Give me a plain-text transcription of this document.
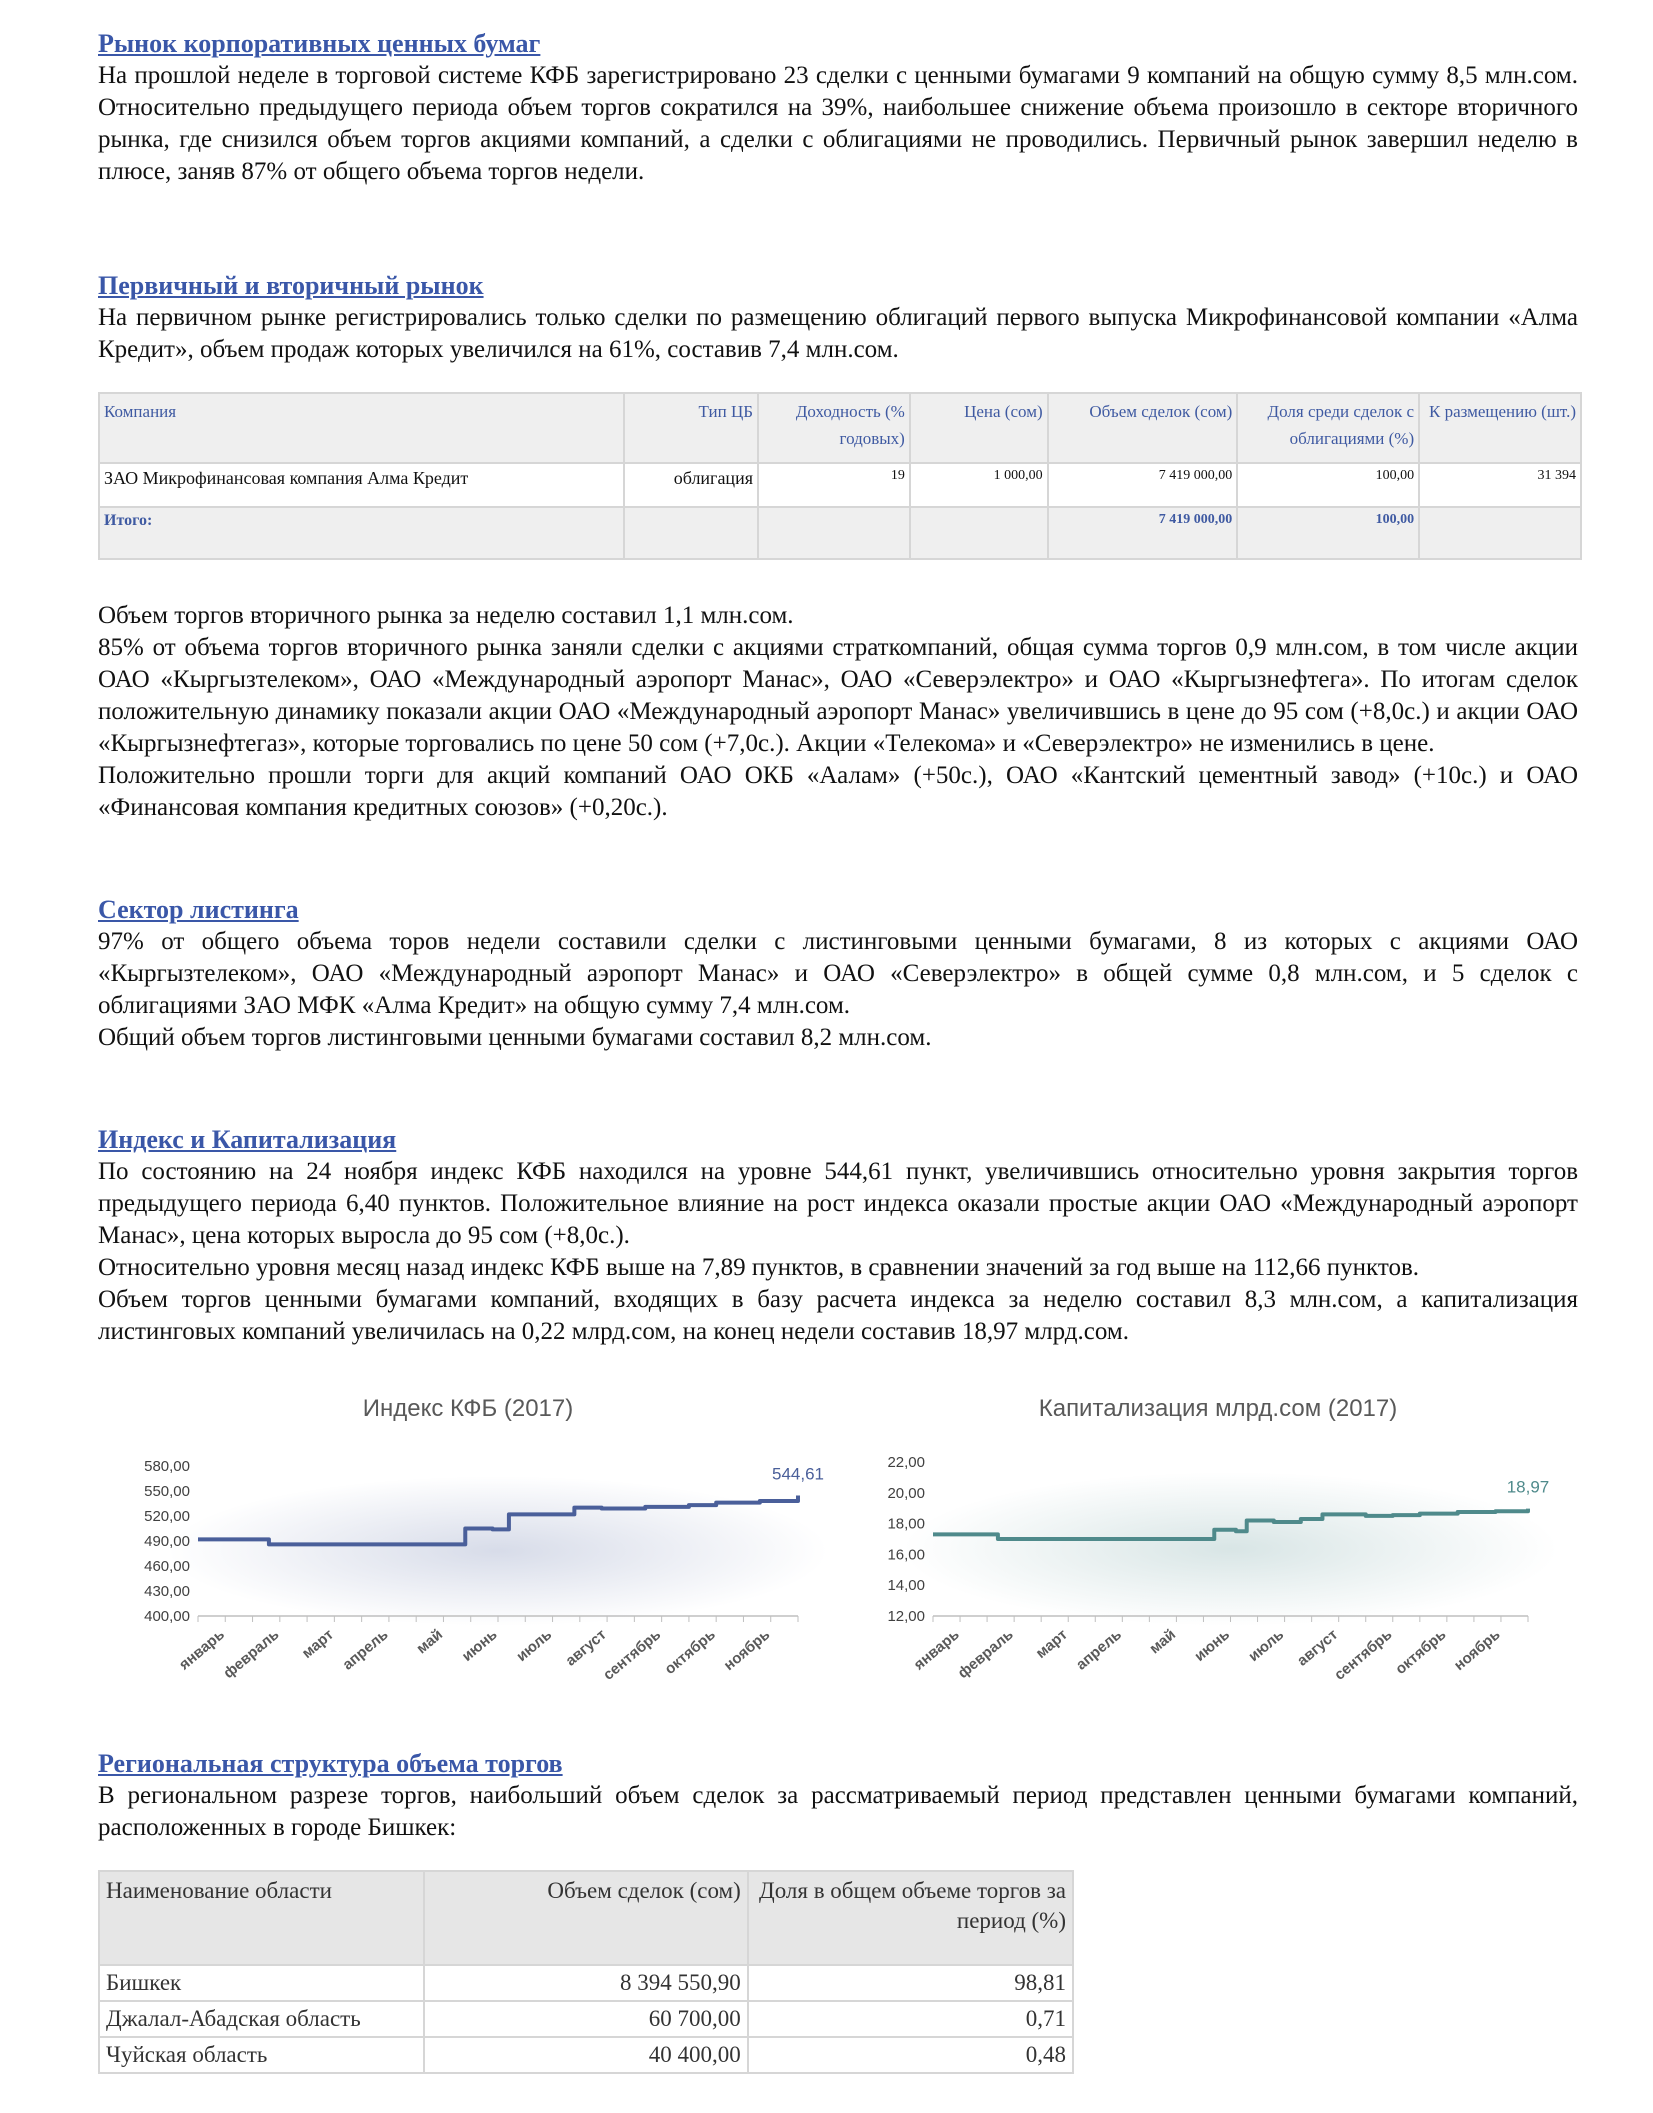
Рынок корпоративных ценных бумаг

На прошлой неделе в торговой системе КФБ зарегистрировано 23 сделки с ценными бумагами 9 компаний на общую сумму 8,5 млн.сом. Относительно предыдущего периода объем торгов сократился на 39%, наибольшее снижение объема произошло в секторе вторичного рынка, где снизился объем торгов акциями компаний, а сделки с облигациями не проводились. Первичный рынок завершил неделю в плюсе, заняв 87% от общего объема торгов недели.

Первичный и вторичный рынок

На первичном рынке регистрировались только сделки по размещению облигаций первого выпуска Микрофинансовой компании «Алма Кредит», объем продаж которых увеличился на 61%, составив 7,4 млн.сом.

Компания	Тип ЦБ	Доходность (% годовых)	Цена (сом)	Объем сделок (сом)	Доля среди сделок с облигациями (%)	К размещению (шт.)
ЗАО Микрофинансовая компания Алма Кредит	облигация	19	1 000,00	7 419 000,00	100,00	31 394
Итого:				7 419 000,00	100,00	

Объем торгов вторичного рынка за неделю составил 1,1 млн.сом.

85% от объема торгов вторичного рынка заняли сделки с акциями страткомпаний, общая сумма торгов 0,9 млн.сом, в том числе акции ОАО «Кыргызтелеком», ОАО «Международный аэропорт Манас», ОАО «Северэлектро» и ОАО «Кыргызнефтега». По итогам сделок положительную динамику показали акции ОАО «Международный аэропорт Манас» увеличившись в цене до 95 сом (+8,0с.) и акции ОАО «Кыргызнефтегаз», которые торговались по цене 50 сом (+7,0с.). Акции «Телекома» и «Северэлектро» не изменились в цене.

Положительно прошли торги для акций компаний ОАО ОКБ «Аалам» (+50с.), ОАО «Кантский цементный завод» (+10с.) и ОАО «Финансовая компания кредитных союзов» (+0,20с.).

Сектор листинга

97% от общего объема торов недели составили сделки с листинговыми ценными бумагами, 8 из которых с акциями ОАО «Кыргызтелеком», ОАО «Международный аэропорт Манас» и ОАО «Северэлектро» в общей сумме 0,8 млн.сом, и 5 сделок с облигациями ЗАО МФК «Алма Кредит» на общую сумму 7,4 млн.сом.

Общий объем торгов листинговыми ценными бумагами составил 8,2 млн.сом.

Индекс и Капитализация

По состоянию на 24 ноября индекс КФБ находился на уровне 544,61 пункт, увеличившись относительно уровня закрытия торгов предыдущего периода 6,40 пунктов. Положительное влияние на рост индекса оказали простые акции ОАО «Международный аэропорт Манас», цена которых выросла до 95 сом (+8,0с.).

Относительно уровня месяц назад индекс КФБ выше на 7,89 пунктов, в сравнении значений за год выше на 112,66 пунктов.

Объем торгов ценными бумагами компаний, входящих в базу расчета индекса за неделю составил 8,3 млн.сом, а капитализация листинговых компаний увеличилась на 0,22 млрд.сом, на конец недели составив 18,97 млрд.сом.

Индекс КФБ (2017)
580,00
550,00
520,00
490,00
460,00
430,00
400,00
январь
февраль март апрель май июнь июль август
сентябрь
октябрь ноябрь
544,61
Капитализация млрд.сом (2017)
22,00
20,00
18,00
16,00
14,00
12,00
январь
февраль март апрель май июнь июль август
сентябрь
октябрь ноябрь
18,97
Региональная структура объема торгов

В региональном разрезе торгов, наибольший объем сделок за рассматриваемый период представлен ценными бумагами компаний, расположенных в городе Бишкек:

Наименование области	Объем сделок (сом)	Доля в общем объеме торгов за период (%)
Бишкек	8 394 550,90	98,81
Джалал-Абадская область	60 700,00	0,71
Чуйская область	40 400,00	0,48
